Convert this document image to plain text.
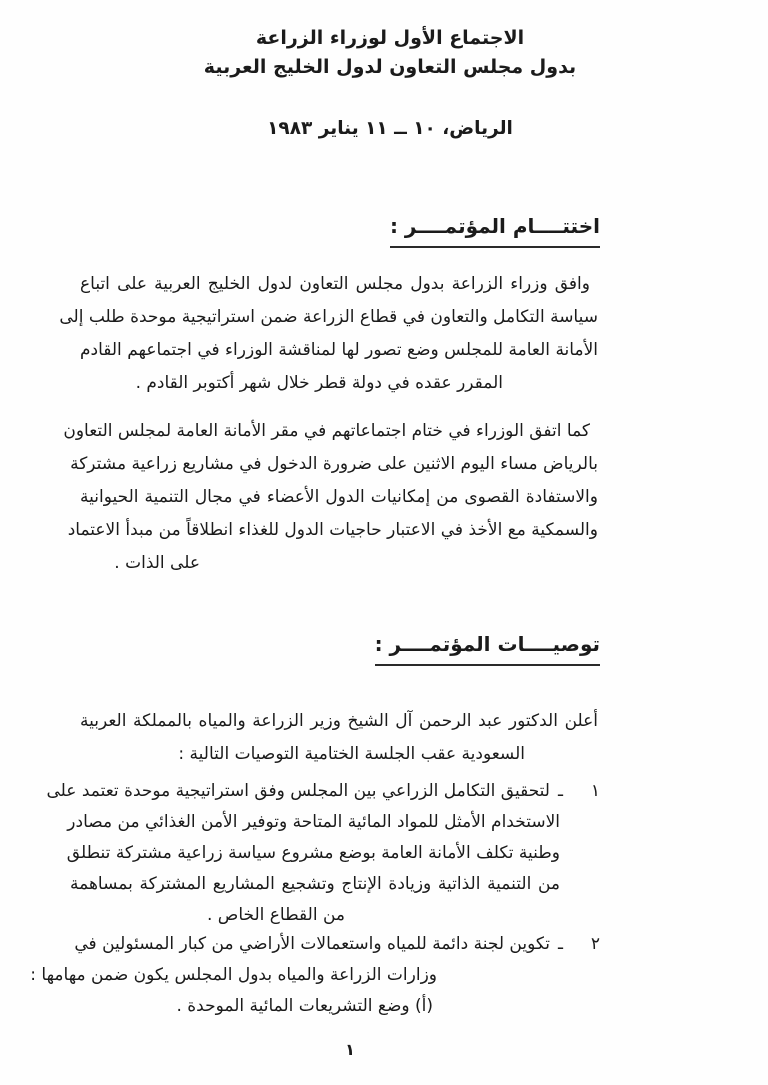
الاجتماع الأول لوزراء الزراعة
بدول مجلس التعاون لدول الخليج العربية
الرياض، ١٠ ــ ١١ يناير ١٩٨٣
اختتــــام المؤتمــــر :
وافق وزراء الزراعة بدول مجلس التعاون لدول الخليج العربية على اتباع
سياسة التكامل والتعاون في قطاع الزراعة ضمن استراتيجية موحدة طلب إلى
الأمانة العامة للمجلس وضع تصور لها لمناقشة الوزراء في اجتماعهم القادم
المقرر عقده في دولة قطر خلال شهر أكتوبر القادم .
كما اتفق الوزراء في ختام اجتماعاتهم في مقر الأمانة العامة لمجلس التعاون
بالرياض مساء اليوم الاثنين على ضرورة الدخول في مشاريع زراعية مشتركة
والاستفادة القصوى من إمكانيات الدول الأعضاء في مجال التنمية الحيوانية
والسمكية مع الأخذ في الاعتبار حاجيات الدول للغذاء انطلاقاً من مبدأ الاعتماد
على الذات .
توصيــــات المؤتمــــر :
أعلن الدكتور عبد الرحمن آل الشيخ وزير الزراعة والمياه بالمملكة العربية
السعودية عقب الجلسة الختامية التوصيات التالية :
١
ـ
لتحقيق التكامل الزراعي بين المجلس وفق استراتيجية موحدة تعتمد على
الاستخدام الأمثل للمواد المائية المتاحة وتوفير الأمن الغذائي من مصادر
وطنية تكلف الأمانة العامة بوضع مشروع سياسة زراعية مشتركة تنطلق
من التنمية الذاتية وزيادة الإنتاج وتشجيع المشاريع المشتركة بمساهمة
من القطاع الخاص .
٢
ـ
تكوين لجنة دائمة للمياه واستعمالات الأراضي من كبار المسئولين في
وزارات الزراعة والمياه بدول المجلس يكون ضمن مهامها :
(أ) وضع التشريعات المائية الموحدة .
١
